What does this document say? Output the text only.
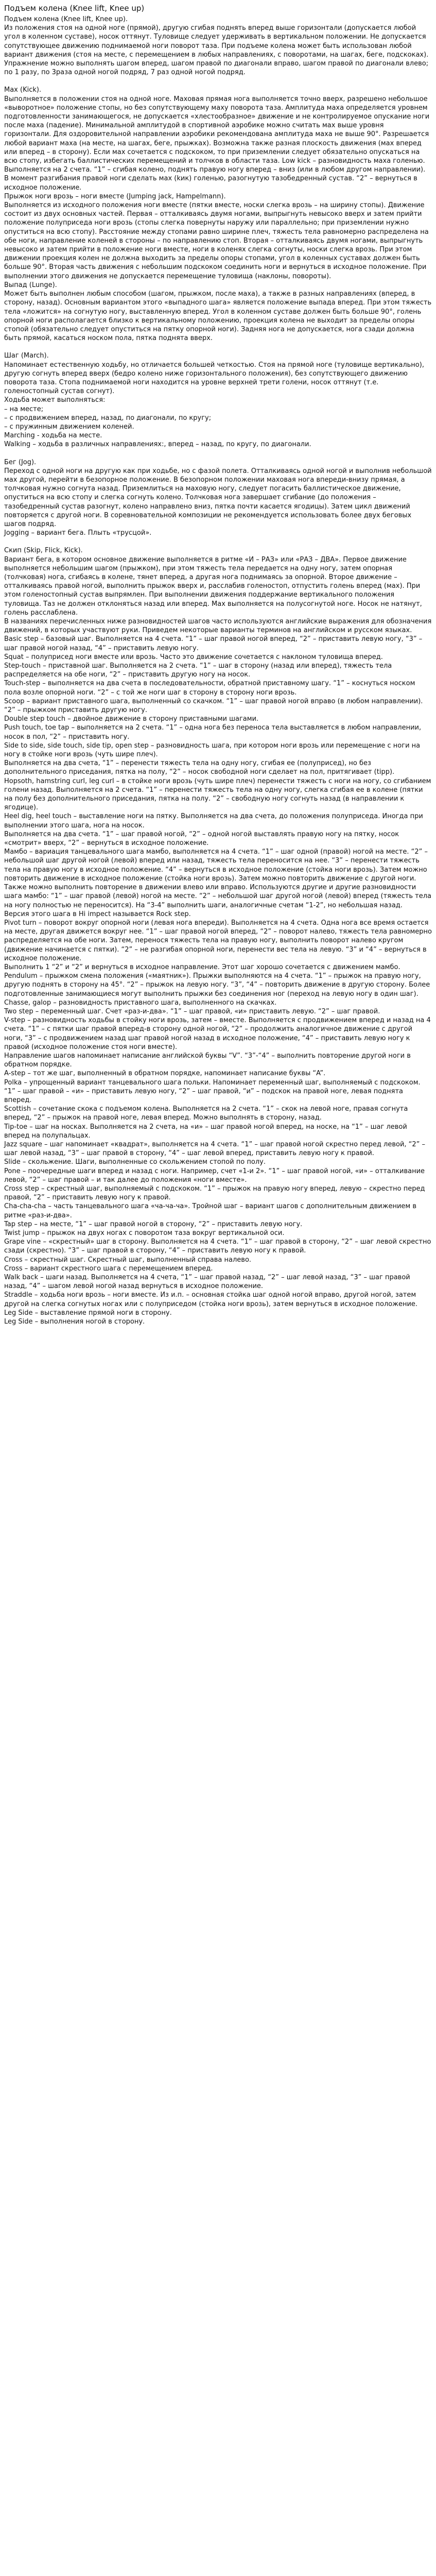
Подъем колена (Knee lift, Knee up)
Подъем колена (Knee lift, Knee up).
Из положения стоя на одной ноге (прямой), другую сгибая поднять вперед выше горизонтали (допускается любой угол в коленном суставе), носок оттянут. Туловище следует удерживать в вертикальном положении. Не допускается сопутствующее движению поднимаемой ноги поворот таза. При подъеме колена может быть использован любой вариант движения (стоя на месте, с перемещением в любых направлениях, с поворотами, на шагах, беге, подскоках).
Упражнение можно выполнять шагом вперед, шагом правой по диагонали вправо, шагом правой по диагонали влево; по 1 разу, по 3раза одной ногой подряд, 7 раз одной ногой подряд.
Мах (Kick).
Выполняется в положении стоя на одной ноге. Маховая прямая нога выполняется точно вверх, разрешено небольшое «выворотное» положение стопы, но без сопутствующему маху поворота таза. Амплитуда маха определяется уровнем подготовленности занимающегося, не допускается «хлестообразное» движение и не контролируемое опускание ноги после маха (падение). Минимальной амплитудой в спортивной аэробике можно считать мах выше уровня горизонтали. Для оздоровительной направлении аэробики рекомендована амплитуда маха не выше 90°. Разрешается любой вариант маха (на месте, на шагах, беге, прыжках). Возможна также разная плоскость движения (мах вперед или вперед – в сторону). Если мах сочетается с подскоком, то при приземлении следует обязательно опускаться на всю стопу, избегать баллистических перемещений и толчков в области таза. Low kick – разновидность маха голенью. Выполняется на 2 счета. “1” – сгибая колено, поднять правую ногу вперед – вниз (или в любом другом направлении). В момент разгибания правой ноги сделать мах (kик) голенью, разогнутую тазобедренный сустав. “2” – вернуться в исходное положение.
Прыжок ноги врозь – ноги вместе (Jumping jack, Hampelmann).
Выполняется из исходного положения ноги вместе (пятки вместе, носки слегка врозь – на ширину стопы). Движение состоит из двух основных частей. Первая – отталкиваясь двумя ногами, выпрыгнуть невысоко вверх и затем прийти положение полуприседа ноги врозь (стопы слегка повернуты наружу или параллельно; при приземлении нужно опуститься на всю стопу). Расстояние между стопами равно ширине плеч, тяжесть тела равномерно распределена на обе ноги, направление коленей в стороны – по направлению стоп. Вторая – отталкиваясь двумя ногами, выпрыгнуть невысоко и затем прийти в положение ноги вместе, ноги в коленях слегка согнуты, носки слегка врозь. При этом движении проекция колен не должна выходить за пределы опоры стопами, угол в коленных суставах должен быть больше 90°. Вторая часть движения с небольшим подскоком соединить ноги и вернуться в исходное положение. При выполнении этого движения не допускается перемещение туловища (наклоны, повороты).
Выпад (Lunge).
Может быть выполнен любым способом (шагом, прыжком, после маха), а также в разных направлениях (вперед, в сторону, назад). Основным вариантом этого «выпадного шага» является положение выпада вперед. При этом тяжесть тела «ложится» на согнутую ногу, выставленную вперед. Угол в коленном суставе должен быть больше 90°, голень опорной ноги располагается близко к вертикальному положению, проекция колена не выходит за пределы опоры стопой (обязательно следует опуститься на пятку опорной ноги). Задняя нога не допускается, нога сзади должна быть прямой, касаться носком пола, пятка поднята вверх.
Шаг (March).
Напоминает естественную ходьбу, но отличается большей четкостью. Стоя на прямой ноге (туловище вертикально), другую согнуть вперед вверх (бедро колено ниже горизонтального положения), без сопутствующего движению поворота таза. Стопа поднимаемой ноги находится на уровне верхней трети голени, носок оттянут (т.е. голеностопный сустав согнут).
Ходьба может выполняться:
– на месте;
– с продвижением вперед, назад, по диагонали, по кругу;
– с пружинным движением коленей.
Marching - ходьба на месте.
Walking – ходьба в различных направлениях:, вперед – назад, по кругу, по диагонали.
Бег (Jog).
Переход с одной ноги на другую как при ходьбе, но с фазой полета. Отталкиваясь одной ногой и выполнив небольшой мах другой, перейти в безопорное положение. В безопорном положении маховая нога впереди-внизу прямая, а толчковая нужно согнута назад. Приземлиться на маховую ногу, следует погасить баллистическое движение, опуститься на всю стопу и слегка согнуть колено. Толчковая нога завершает сгибание (до положения – тазобедренный сустав разогнут, колено направлено вниз, пятка почти касается ягодицы). Затем цикл движений повторяется с другой ноги. В соревновательной композиции не рекомендуется использовать более двух беговых шагов подряд.
Jogging – вариант бега. Плыть «трусцой».
Скип (Skip, Flick, Kick).
Вариант бега, в котором основное движение выполняется в ритме «И – РАЗ» или «РАЗ – ДВА». Первое движение выполняется небольшим шагом (прыжком), при этом тяжесть тела передается на одну ногу, затем опорная (толчковая) нога, сгибаясь в колене, тянет вперед, а другая нога поднимаясь за опорной. Второе движение – отталкиваясь правой ногой, выполнить прыжок вверх и, расслабив голеностоп, отпустить голень вперед (мах). При этом голеностопный сустав выпрямлен. При выполнении движения поддержание вертикального положения туловища. Таз не должен отклоняться назад или вперед. Мах выполняется на полусогнутой ноге. Носок не натянут, голень расслаблена.
В названиях перечисленных ниже разновидностей шагов часто используются английские выражения для обозначения движений, в которых участвуют руки. Приведем некоторые варианты терминов на английском и русском языках.
Basic step – базовый шаг. Выполняется на 4 счета. “1” – шаг правой ногой вперед, “2” – приставить левую ногу, “3” – шаг правой ногой назад, “4” – приставить левую ногу.
Squat – полуприсед ноги вместе или врозь. Часто это движение сочетается с наклоном туловища вперед.
Step-touch – приставной шаг. Выполняется на 2 счета. “1” – шаг в сторону (назад или вперед), тяжесть тела распределяется на обе ноги, “2” – приставить другую ногу на носок.
Touch-step – выполняется на два счета в последовательности, обратной приставному шагу. “1” – коснуться носком пола возле опорной ноги. “2” – с той же ноги шаг в сторону в сторону ноги врозь.
Scoop – вариант приставного шага, выполненный со скачком. “1” – шаг правой ногой вправо (в любом направлении). “2” – прыжком приставить другую ногу.
Double step touch – двойное движение в сторону приставными шагами.
Push touch, toe tap – выполняется на 2 счета. “1” – одна нога без переноса тела выставляется в любом направлении, носок в пол, “2” – приставить ногу.
Side to side, side touch, side tip, open step – разновидность шага, при котором ноги врозь или перемещение с ноги на ногу в стойке ноги врозь (чуть шире плеч).
Выполняется на два счета, “1” – перенести тяжесть тела на одну ногу, сгибая ее (полуприсед), но без дополнительного приседания, пятка на полу, “2” – носок свободной ноги сделает на пол, притягивает (tipp).
Hopsoth, hamstring curl, leg curl – в стойке ноги врозь (чуть шире плеч) перенести тяжесть с ноги на ногу, со сгибанием голени назад. Выполняется на 2 счета. “1” – перенести тяжесть тела на одну ногу, слегка сгибая ее в колене (пятки на полу без дополнительного приседания, пятка на полу. “2” – свободную ногу согнуть назад (в направлении к ягодице).
Heel dig, heel touch – выставление ноги на пятку. Выполняется на два счета, до положения полуприседа. Иногда при выполнении этого шага, нога на носок.
Выполняется на два счета. “1” – шаг правой ногой, “2” – одной ногой выставлять правую ногу на пятку, носок «смотрит» вверх, “2” – вернуться в исходное положение.
Мамбо – вариация танцевального шага мамбо, выполняется на 4 счета. “1” – шаг одной (правой) ногой на месте. “2” – небольшой шаг другой ногой (левой) вперед или назад, тяжесть тела переносится на нее. “3” – перенести тяжесть тела на правую ногу в исходное положение. “4” – вернуться в исходное положение (стойка ноги врозь). Затем можно повторить движение в исходное положение (стойка ноги врозь). Затем можно повторить движение с другой ноги. Также можно выполнить повторение в движении влево или вправо. Используются другие и другие разновидности шага мамбо: “1” – шаг правой (левой) ногой на месте. “2” – небольшой шаг другой ногой (левой) вперед (тяжесть тела на ногу полностью не переносится). На “3-4” выполнить шаги, аналогичные счетам “1-2”, но небольшая назад.
Версия этого шага в Hi impect называется Rock step.
Pivot turn – поворот вокруг опорной ноги (левая нога впереди). Выполняется на 4 счета. Одна нога все время остается на месте, другая движется вокруг нее. “1” – шаг правой ногой вперед, “2” – поворот налево, тяжесть тела равномерно распределяется на обе ноги. Затем, перенося тяжесть тела на правую ногу, выполнить поворот налево кругом (движение начинается с пятки). “2” – не разгибая опорной ноги, перенести вес тела на левую. “3” и “4” – вернуться в исходное положение.
Выполнить 1 “2” и “2” и вернуться в исходное направление. Этот шаг хорошо сочетается с движением мамбо.
Pendulum – прыжком смена положения («маятник»). Прыжки выполняются на 4 счета. “1” – прыжок на правую ногу, другую поднять в сторону на 45°. “2” – прыжок на левую ногу. “3”, “4” – повторить движение в другую сторону. Более подготовленные занимающиеся могут выполнить прыжки без соединения ног (переход на левую ногу в один шаг).
Chasse, galop – разновидность приставного шага, выполненного на скачках.
Two step – переменный шаг. Счет «раз-и-два». “1” – шаг правой, «и» приставить левую. “2” – шаг правой.
V-step – разновидность ходьбы в стойку ноги врозь, затем – вместе. Выполняется с продвижением вперед и назад на 4 счета. “1” – с пятки шаг правой вперед-в сторону одной ногой, “2” – продолжить аналогичное движение с другой ноги, “3” – с продвижением назад шаг правой ногой назад в исходное положение, “4” – приставить левую ногу к правой (исходное положение стоя ноги вместе).
Направление шагов напоминает написание английской буквы “V”. “3”-“4” – выполнить повторение другой ноги в обратном порядке.
A-step – тот же шаг, выполненный в обратном порядке, напоминает написание буквы “A”.
Polka – упрощенный вариант танцевального шага польки. Напоминает переменный шаг, выполняемый с подскоком. “1” – шаг правой – «и» – приставить левую ногу, “2” – шаг правой, “и” – подскок на правой ноге, левая поднята вперед.
Scottish – сочетание скока с подъемом колена. Выполняется на 2 счета. “1” – скок на левой ноге, правая согнута вперед, “2” – прыжок на правой ноге, левая вперед. Можно выполнять в сторону, назад.
Tip-toe – шаг на носках. Выполняется на 2 счета, на «и» – шаг правой ногой вперед, на носке, на “1” – шаг левой вперед на полупальцах.
Jazz square – шаг напоминает «квадрат», выполняется на 4 счета. “1” – шаг правой ногой скрестно перед левой, “2” – шаг левой назад, “3” – шаг правой в сторону, “4” – шаг левой вперед, приставить левую ногу к правой.
Slide – скольжение. Шаги, выполненные со скольжением стопой по полу.
Pone – поочередные шаги вперед и назад с ноги. Например, счет «1-и 2». “1” – шаг правой ногой, «и» – отталкивание левой, “2” – шаг правой – и так далее до положения «ноги вместе».
Cross step – скрестный шаг, выполняемый с подскоком. “1” – прыжок на правую ногу вперед, левую – скрестно перед правой, “2” – приставить левую ногу к правой.
Cha-cha-cha – часть танцевального шага «ча-ча-ча». Тройной шаг – вариант шагов с дополнительным движением в ритме «раз-и-два».
Tap step – на месте, “1” – шаг правой ногой в сторону, “2” – приставить левую ногу.
Twist jump – прыжок на двух ногах с поворотом таза вокруг вертикальной оси.
Grape vine – «скрестный» шаг в сторону. Выполняется на 4 счета. “1” – шаг правой в сторону, “2” – шаг левой скрестно сзади (скрестно). “3” – шаг правой в сторону, “4” – приставить левую ногу к правой.
Cross – скрестный шаг. Скрестный шаг, выполненный справа налево.
Cross – вариант скрестного шага с перемещением вперед.
Walk back – шаги назад. Выполняется на 4 счета, “1” – шаг правой назад, “2” – шаг левой назад, “3” – шаг правой назад, “4” – шагом левой ногой назад вернуться в исходное положение.
Straddle – ходьба ноги врозь – ноги вместе. Из и.п. – основная стойка шаг одной ногой вправо, другой ногой, затем другой на слегка согнутых ногах или с полуприседом (стойка ноги врозь), затем вернуться в исходное положение.
Leg Side – выставление прямой ноги в сторону.
Leg Side – выполнения ногой в сторону.
